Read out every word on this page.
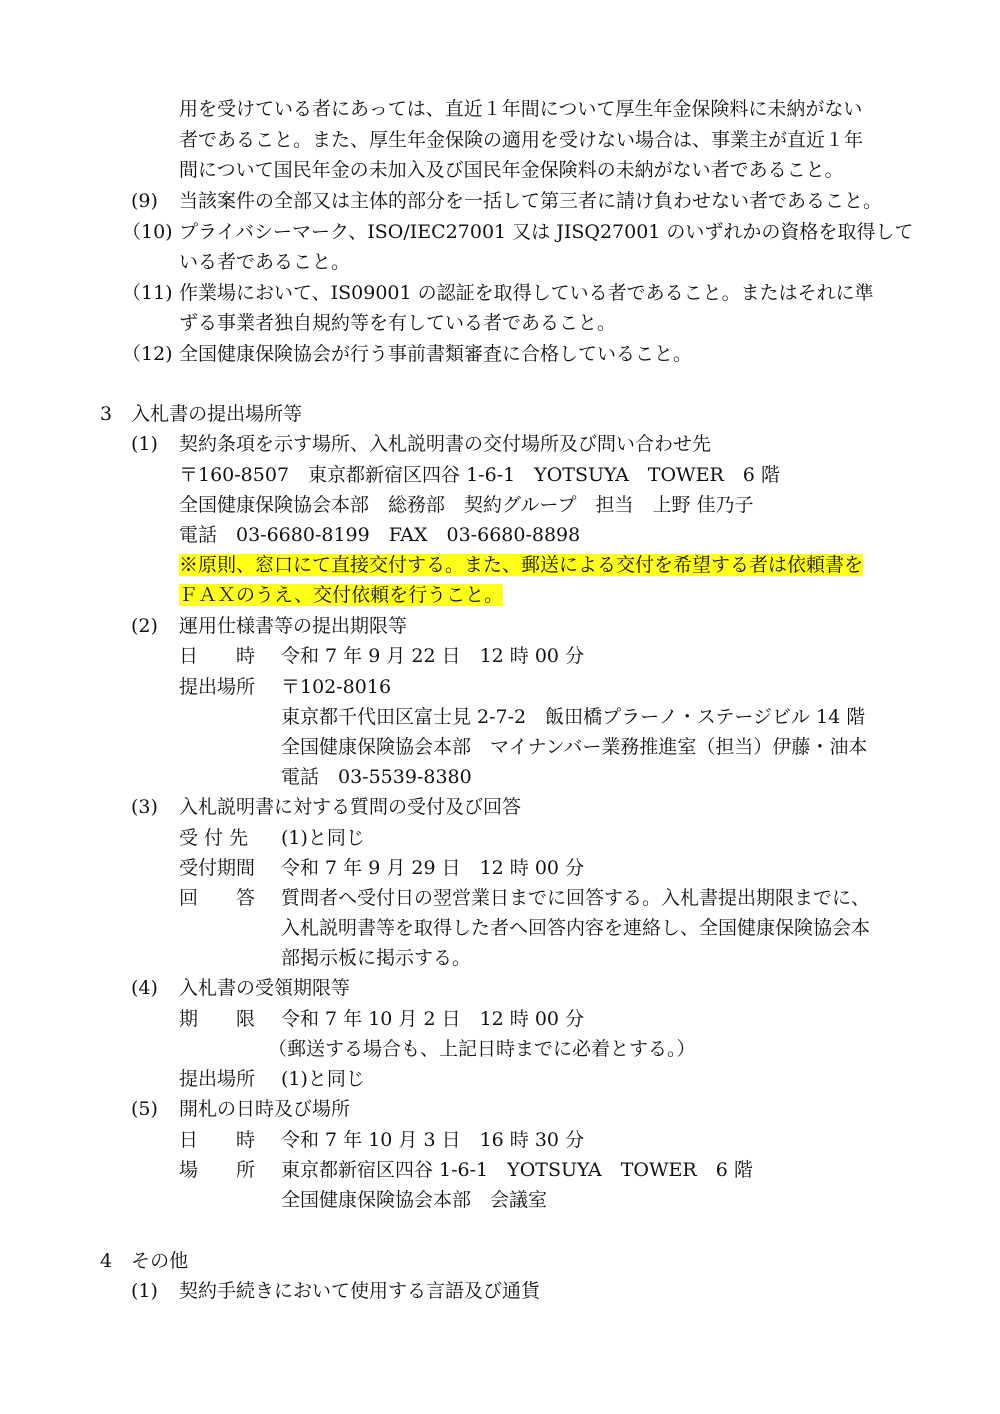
用を受けている者にあっては、直近１年間について厚生年金保険料に未納がない
者であること。また、厚生年金保険の適用を受けない場合は、事業主が直近１年
間について国民年金の未加入及び国民年金保険料の未納がない者であること。
(9) 当該案件の全部又は主体的部分を一括して第三者に請け負わせない者であること。
（10) プライバシーマーク、ISO/IEC27001 又は JISQ27001 のいずれかの資格を取得して
いる者であること。
（11) 作業場において、IS09001 の認証を取得している者であること。またはそれに準
ずる事業者独自規約等を有している者であること。
（12) 全国健康保険協会が行う事前書類審査に合格していること。
3　入札書の提出場所等
(1) 契約条項を示す場所、入札説明書の交付場所及び問い合わせ先
〒160-8507　東京都新宿区四谷 1-6-1　YOTSUYA　TOWER　6 階
全国健康保険協会本部　総務部　契約グループ　担当　上野 佳乃子
電話　03-6680-8199　FAX　03-6680-8898
※原則、窓口にて直接交付する。また、郵送による交付を希望する者は依頼書を
ＦＡＸのうえ、交付依頼を行うこと。
(2) 運用仕様書等の提出期限等
日　　時 令和 7 年 9 月 22 日　12 時 00 分
提出場所 〒102-8016
東京都千代田区富士見 2-7-2　飯田橋プラーノ・ステージビル 14 階
全国健康保険協会本部　マイナンバー業務推進室（担当）伊藤・油本
電話　03-5539-8380
(3) 入札説明書に対する質問の受付及び回答
受 付 先 (1)と同じ
受付期間 令和 7 年 9 月 29 日　12 時 00 分
回　　答 質問者へ受付日の翌営業日までに回答する。入札書提出期限までに、
入札説明書等を取得した者へ回答内容を連絡し、全国健康保険協会本
部掲示板に掲示する。
(4) 入札書の受領期限等
期　　限 令和 7 年 10 月 2 日　12 時 00 分
（郵送する場合も、上記日時までに必着とする。）
提出場所 (1)と同じ
(5) 開札の日時及び場所
日　　時 令和 7 年 10 月 3 日　16 時 30 分
場　　所 東京都新宿区四谷 1-6-1　YOTSUYA　TOWER　6 階
全国健康保険協会本部　会議室
4　その他
(1) 契約手続きにおいて使用する言語及び通貨
